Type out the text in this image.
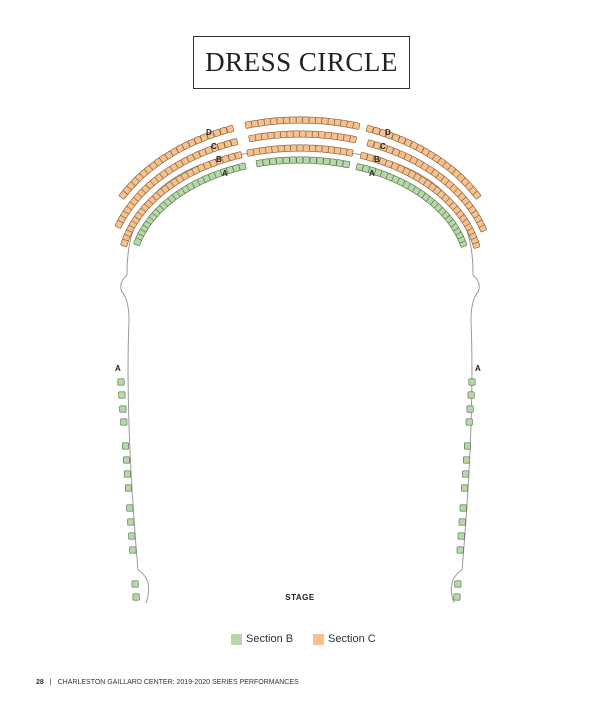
DRESS CIRCLE
D
C
B
A
D
C
B
A
A	A
STAGE
Section B	Section C
28 | CHARLESTON GAILLARD CENTER: 2019-2020 SERIES PERFORMANCES
